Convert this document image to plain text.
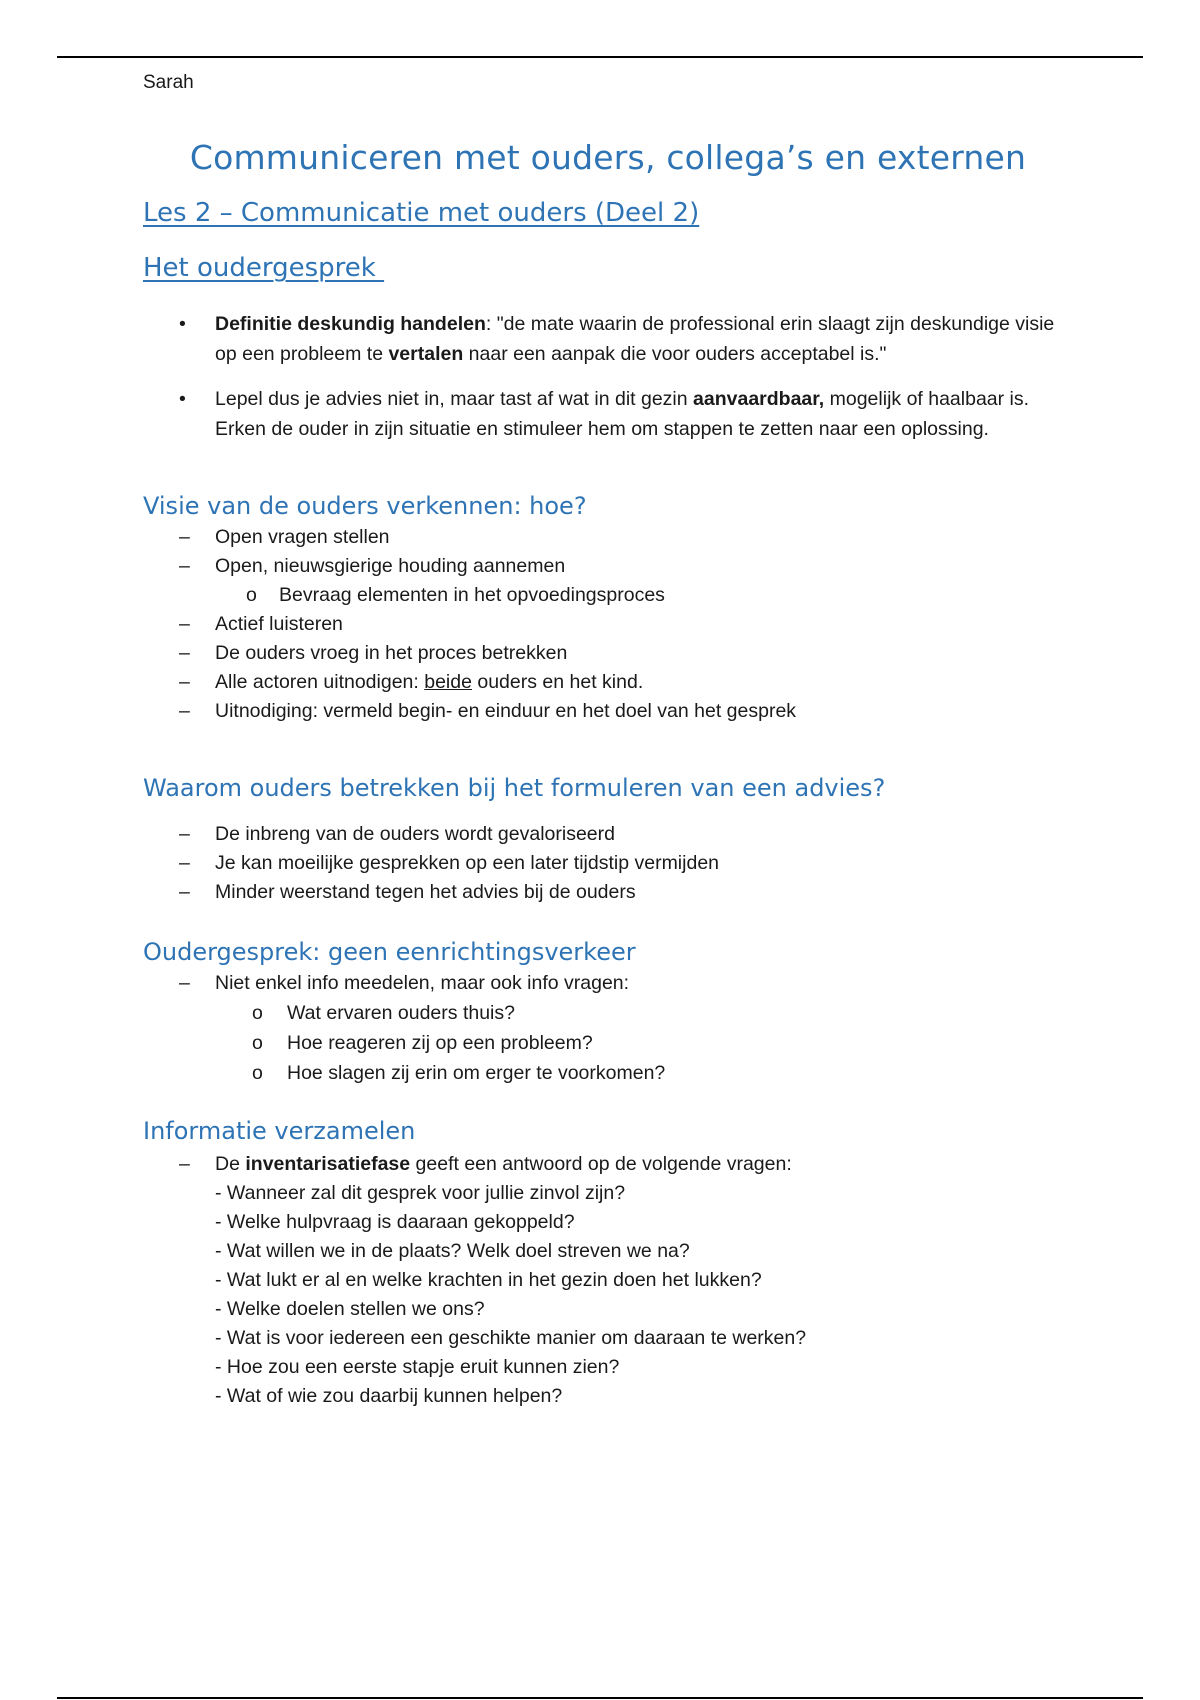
Sarah
Communiceren met ouders, collega’s en externen
Les 2 – Communicatie met ouders (Deel 2)
Het oudergesprek
• Definitie deskundig handelen: "de mate waarin de professional erin slaagt zijn deskundige visie op een probleem te vertalen naar een aanpak die voor ouders acceptabel is."
• Lepel dus je advies niet in, maar tast af wat in dit gezin aanvaardbaar, mogelijk of haalbaar is. Erken de ouder in zijn situatie en stimuleer hem om stappen te zetten naar een oplossing.
Visie van de ouders verkennen: hoe?
– Open vragen stellen
– Open, nieuwsgierige houding aannemen
o Bevraag elementen in het opvoedingsproces
– Actief luisteren
– De ouders vroeg in het proces betrekken
– Alle actoren uitnodigen: beide ouders en het kind.
– Uitnodiging: vermeld begin- en einduur en het doel van het gesprek
Waarom ouders betrekken bij het formuleren van een advies?
– De inbreng van de ouders wordt gevaloriseerd
– Je kan moeilijke gesprekken op een later tijdstip vermijden
– Minder weerstand tegen het advies bij de ouders
Oudergesprek: geen eenrichtingsverkeer
– Niet enkel info meedelen, maar ook info vragen:
o Wat ervaren ouders thuis?
o Hoe reageren zij op een probleem?
o Hoe slagen zij erin om erger te voorkomen?
Informatie verzamelen
– De inventarisatiefase geeft een antwoord op de volgende vragen:
- Wanneer zal dit gesprek voor jullie zinvol zijn?
- Welke hulpvraag is daaraan gekoppeld?
- Wat willen we in de plaats? Welk doel streven we na?
- Wat lukt er al en welke krachten in het gezin doen het lukken?
- Welke doelen stellen we ons?
- Wat is voor iedereen een geschikte manier om daaraan te werken?
- Hoe zou een eerste stapje eruit kunnen zien?
- Wat of wie zou daarbij kunnen helpen?
